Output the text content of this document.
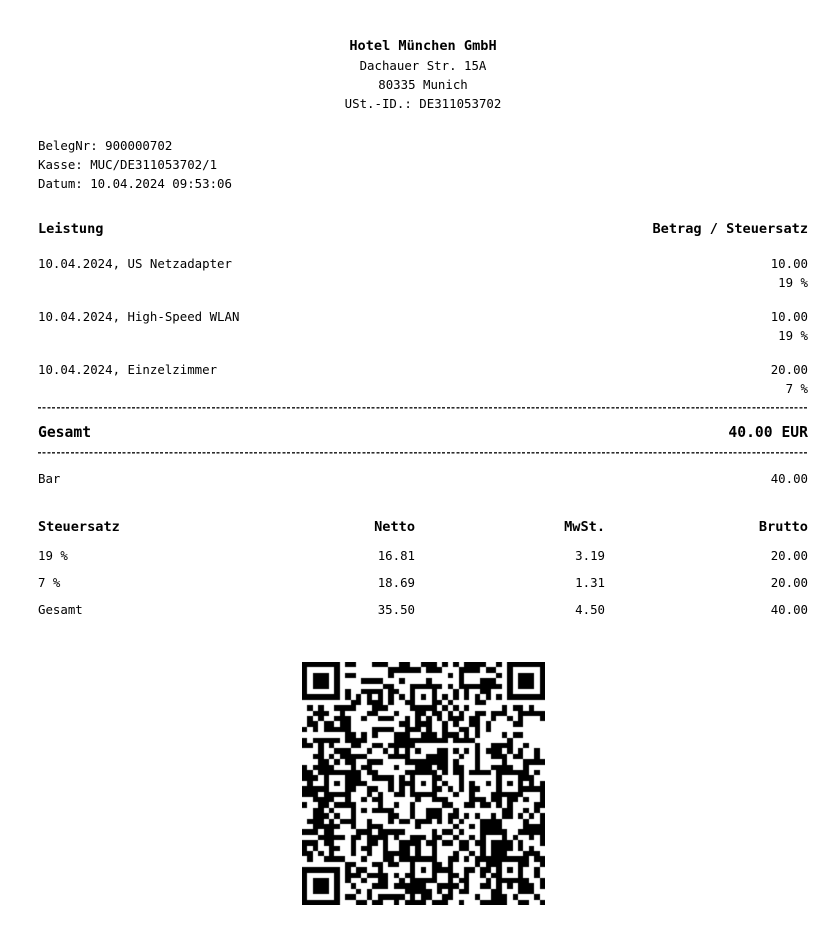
Hotel München GmbH
Dachauer Str. 15A
80335 Munich
USt.-ID.: DE311053702
BelegNr: 900000702
Kasse: MUC/DE311053702/1
Datum: 10.04.2024 09:53:06
Leistung	Betrag / Steuersatz
10.04.2024, US Netzadapter	10.00
19 %
10.04.2024, High-Speed WLAN	10.00
19 %
10.04.2024, Einzelzimmer	20.00
7 %
Gesamt	40.00 EUR
Bar	40.00
Steuersatz	Netto	MwSt.	Brutto
19 %	16.81	3.19	20.00
7 %	18.69	1.31	20.00
Gesamt	35.50	4.50	40.00
